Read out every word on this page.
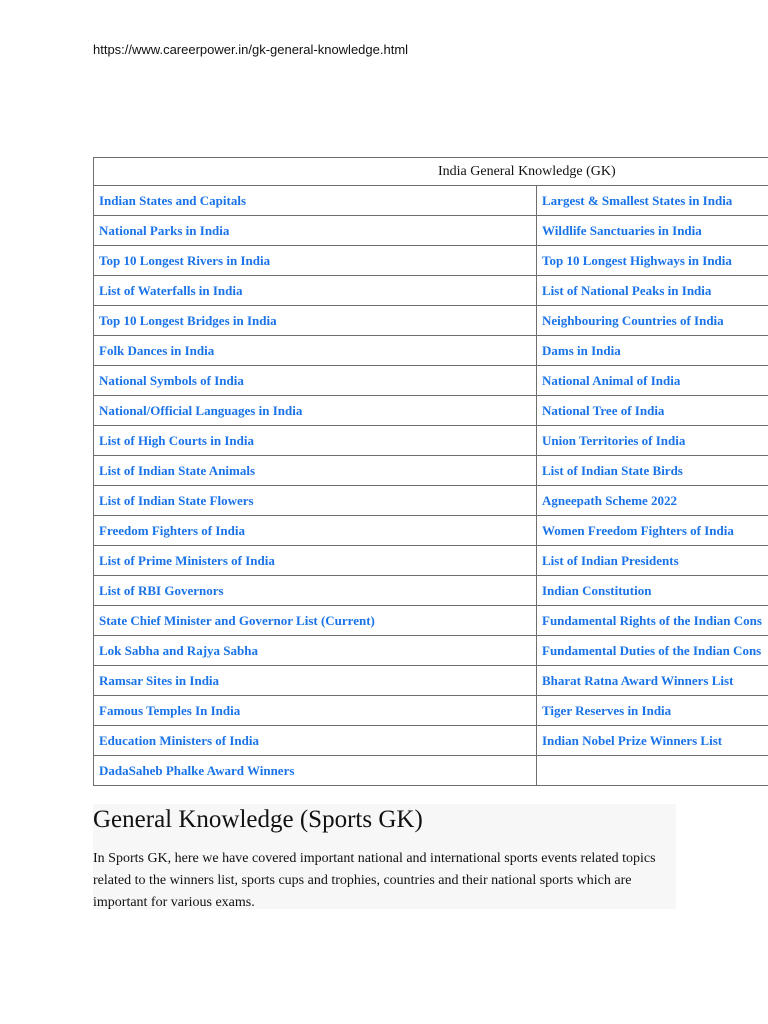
https://www.careerpower.in/gk-general-knowledge.html
India General Knowledge (GK)	
Indian States and Capitals	Largest & Smallest States in India
National Parks in India	Wildlife Sanctuaries in India
Top 10 Longest Rivers in India	Top 10 Longest Highways in India
List of Waterfalls in India	List of National Peaks in India
Top 10 Longest Bridges in India	Neighbouring Countries of India
Folk Dances in India	Dams in India
National Symbols of India	National Animal of India
National/Official Languages in India	National Tree of India
List of High Courts in India	Union Territories of India
List of Indian State Animals	List of Indian State Birds
List of Indian State Flowers	Agneepath Scheme 2022
Freedom Fighters of India	Women Freedom Fighters of India
List of Prime Ministers of India	List of Indian Presidents
List of RBI Governors	Indian Constitution
State Chief Minister and Governor List (Current)	Fundamental Rights of the Indian Cons
Lok Sabha and Rajya Sabha	Fundamental Duties of the Indian Cons
Ramsar Sites in India	Bharat Ratna Award Winners List
Famous Temples In India	Tiger Reserves in India
Education Ministers of India	Indian Nobel Prize Winners List
DadaSaheb Phalke Award Winners	
General Knowledge (Sports GK)

In Sports GK, here we have covered important national and international sports events related topics related to the winners list, sports cups and trophies, countries and their national sports which are important for various exams.
